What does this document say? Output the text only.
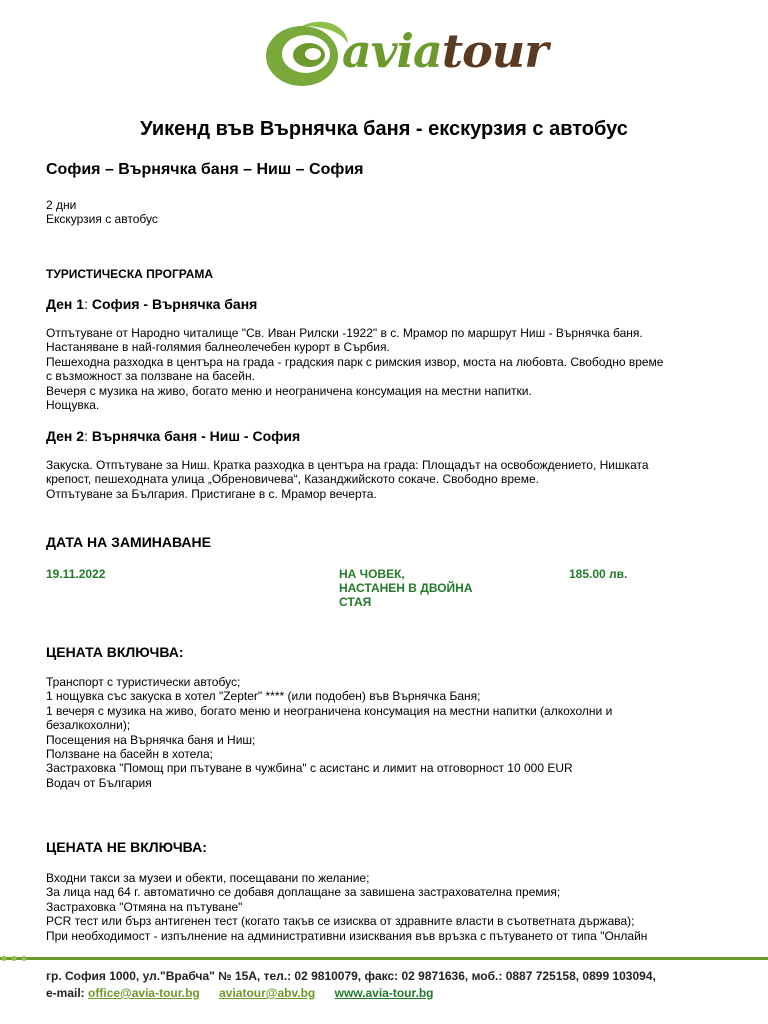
aviatour
Уикенд във Върнячка баня - екскурзия с автобус
София – Върнячка баня – Ниш – София
2 дни
Екскурзия с автобус
ТУРИСТИЧЕСКА ПРОГРАМА
Ден 1: София - Върнячка баня
Отпътуване от Народно читалище "Св. Иван Рилски -1922" в с. Мрамор по маршрут Ниш - Върнячка баня.
Настаняване в най-голямия балнеолечебен курорт в Сърбия.
Пешеходна разходка в центъра на града - градския парк с римския извор, моста на любовта. Свободно време
с възможност за ползване на басейн.
Вечеря с музика на живо, богато меню и неограничена консумация на местни напитки.
Нощувка.
Ден 2: Върнячка баня - Ниш - София
Закуска. Отпътуване за Ниш. Кратка разходка в центъра на града: Площадът на освобождението, Нишката
крепост, пешеходната улица „Обреновичева“, Казанджийското сокаче. Свободно време.
Отпътуване за България. Пристигане в с. Мрамор вечерта.
ДАТА НА ЗАМИНАВАНЕ
19.11.2022	НА ЧОВЕК,
НАСТАНЕН В ДВОЙНА
СТАЯ
185.00 лв.
ЦЕНАТА ВКЛЮЧВА:
Транспорт с туристически автобус;
1 нощувка със закуска в хотел "Zepter" **** (или подобен) във Върнячка Баня;
1 вечеря с музика на живо, богато меню и неограничена консумация на местни напитки (алкохолни и
безалкохолни);
Посещения на Върнячка баня и Ниш;
Ползване на басейн в хотела;
Застраховка "Помощ при пътуване в чужбина" с асистанс и лимит на отговорност 10 000 EUR
Водач от България
ЦЕНАТА НЕ ВКЛЮЧВА:
Входни такси за музеи и обекти, посещавани по желание;
За лица над 64 г. автоматично се добавя доплащане за завишена застрахователна премия;
Застраховка "Отмяна на пътуване"
PCR тест или бърз антигенен тест (когато такъв се изисква от здравните власти в съответната държава);
При необходимост - изпълнение на административни изисквания във връзка с пътуването от типа "Онлайн
гр. София 1000, ул."Врабча" № 15А, тел.: 02 9810079, факс: 02 9871636, моб.: 0887 725158, 0899 103094,
e-mail: office@avia-tour.bg aviatour@abv.bg www.avia-tour.bg
